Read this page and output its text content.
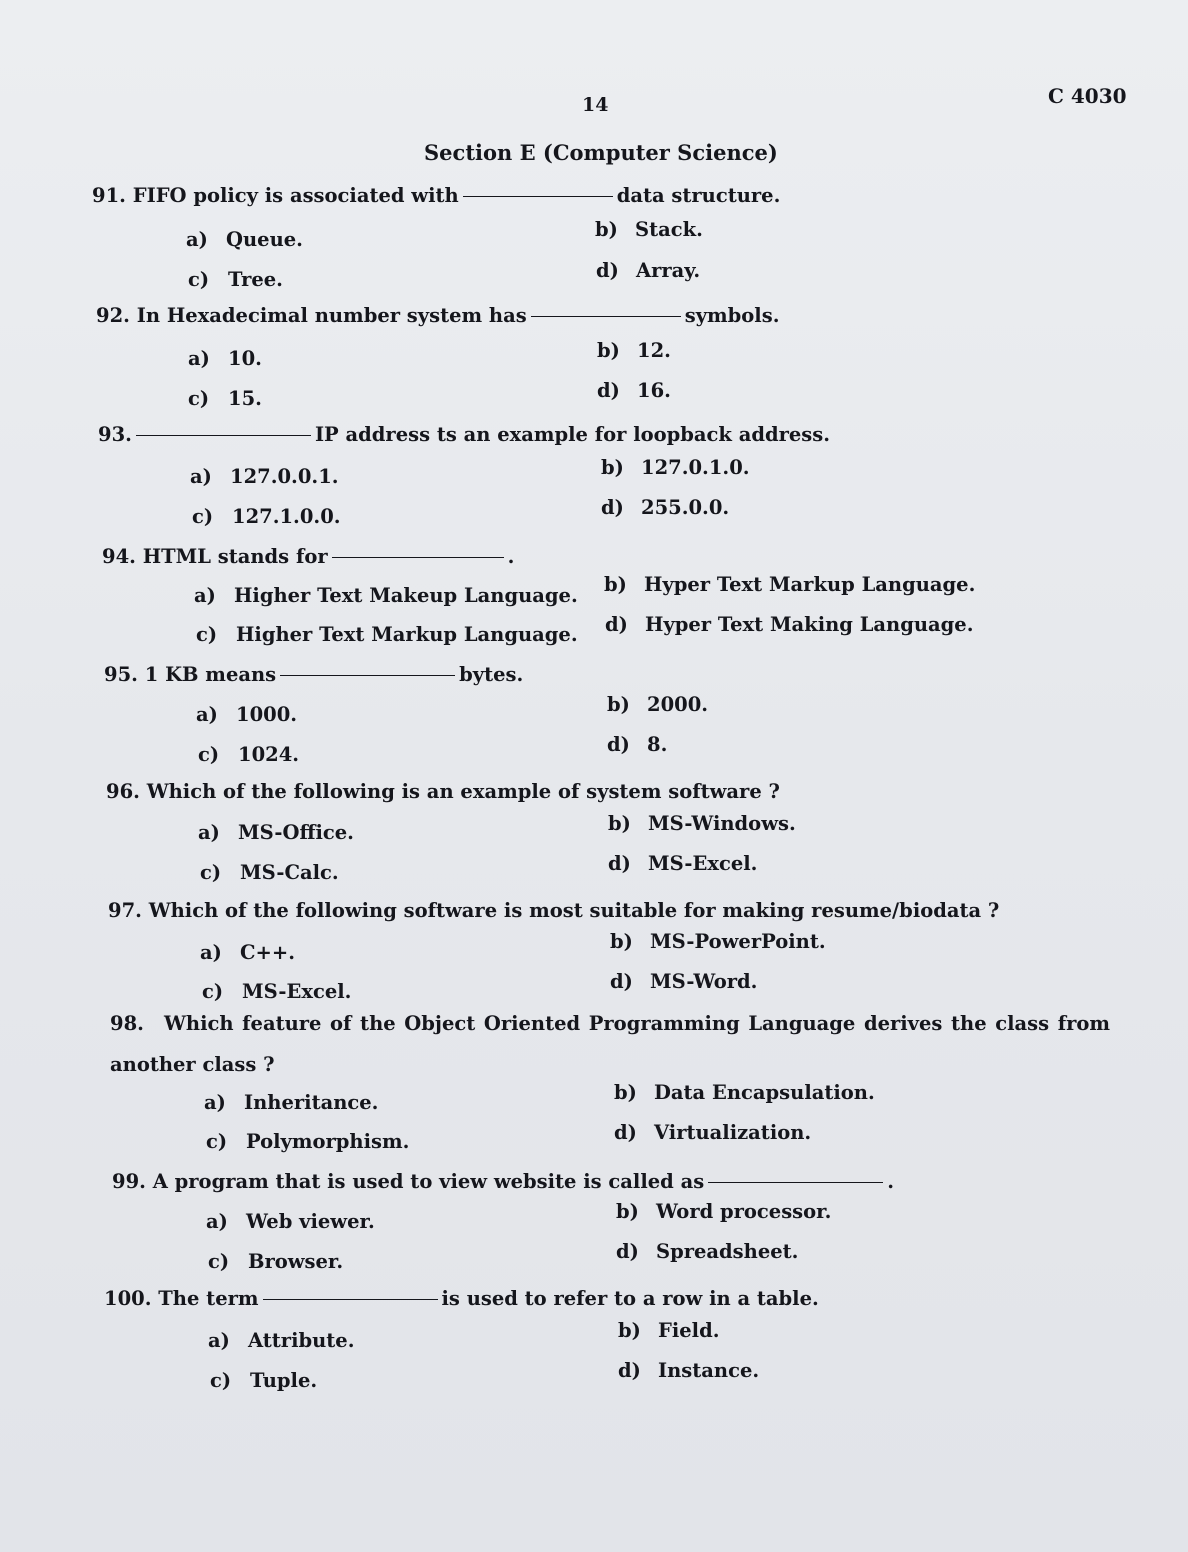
14	C 4030
Section E (Computer Science)
91. FIFO policy is associated with	data structure.
a) Queue.	b) Stack.
c) Tree.	d) Array.
92. In Hexadecimal number system has	symbols.
a) 10.	b) 12.
c) 15.	d) 16.
93.	IP address ts an example for loopback address.
a) 127.0.0.1.	b) 127.0.1.0.
c) 127.1.0.0.	d) 255.0.0.
94. HTML stands for	.
a) Higher Text Makeup Language. b) Hyper Text Markup Language.
c) Higher Text Markup Language. d) Hyper Text Making Language.
95. 1 KB means	bytes.
a) 1000.	b) 2000.
c) 1024.	d) 8.
96. Which of the following is an example of system software ?
a) MS-Office.	b) MS-Windows.
c) MS-Calc.	d) MS-Excel.
97. Which of the following software is most suitable for making resume/biodata ?
a) C++.	b) MS-PowerPoint.
c) MS-Excel.	d) MS-Word.
98. Which feature of the Object Oriented Programming Language derives the class from another class ?
a) Inheritance.	b) Data Encapsulation.
c) Polymorphism.	d) Virtualization.
99. A program that is used to view website is called as	.
a) Web viewer.	b) Word processor.
c) Browser.	d) Spreadsheet.
100. The term	is used to refer to a row in a table.
a) Attribute.	b) Field.
c) Tuple.	d) Instance.
